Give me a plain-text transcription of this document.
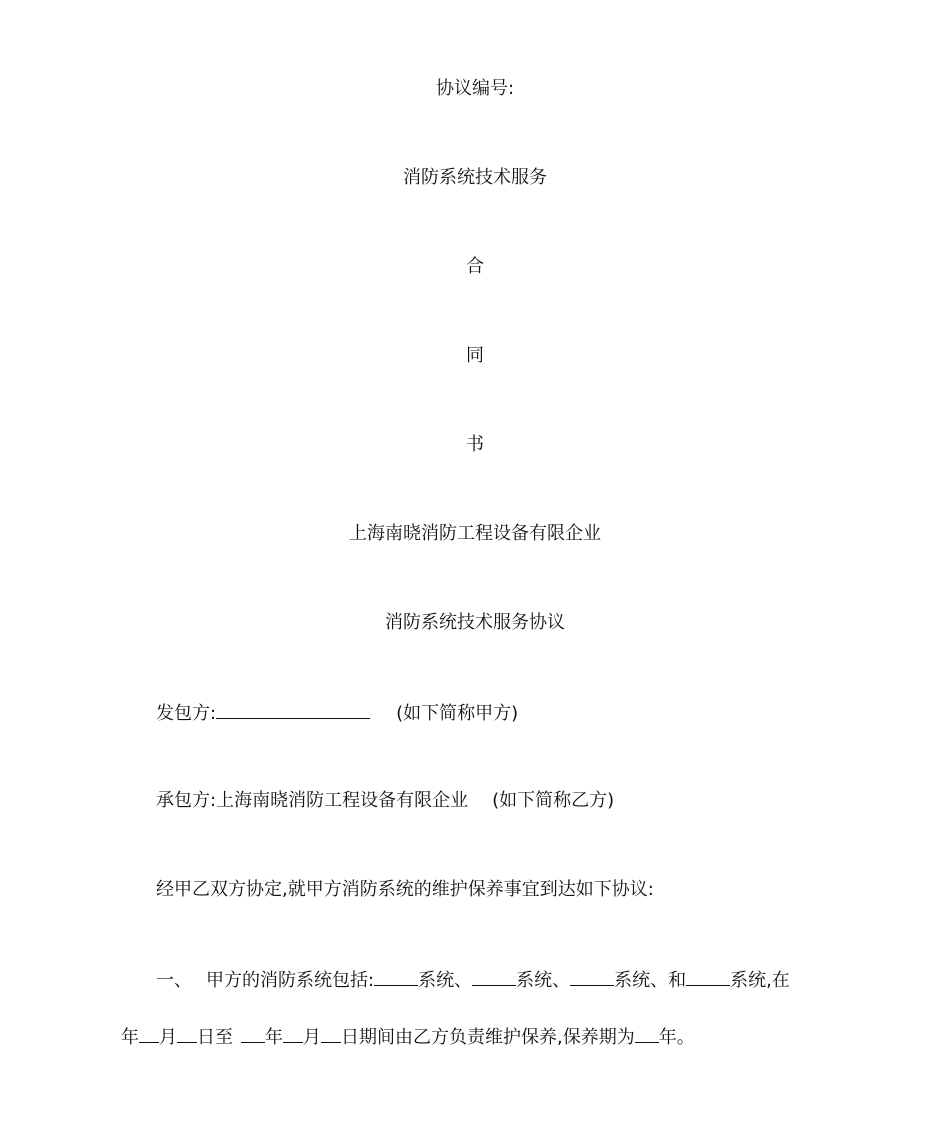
协议编号:
消防系统技术服务
合
同
书
上海南晓消防工程设备有限企业
消防系统技术服务协议
发包方:	(如下简称甲方)
承包方:上海南晓消防工程设备有限企业 (如下简称乙方)
经甲乙双方协定,就甲方消防系统的维护保养事宜到达如下协议:
一、 甲方的消防系统包括: 系统、 系统、 系统、和 系统,在
年 月 日至 年 月 日期间由乙方负责维护保养,保养期为 年。
